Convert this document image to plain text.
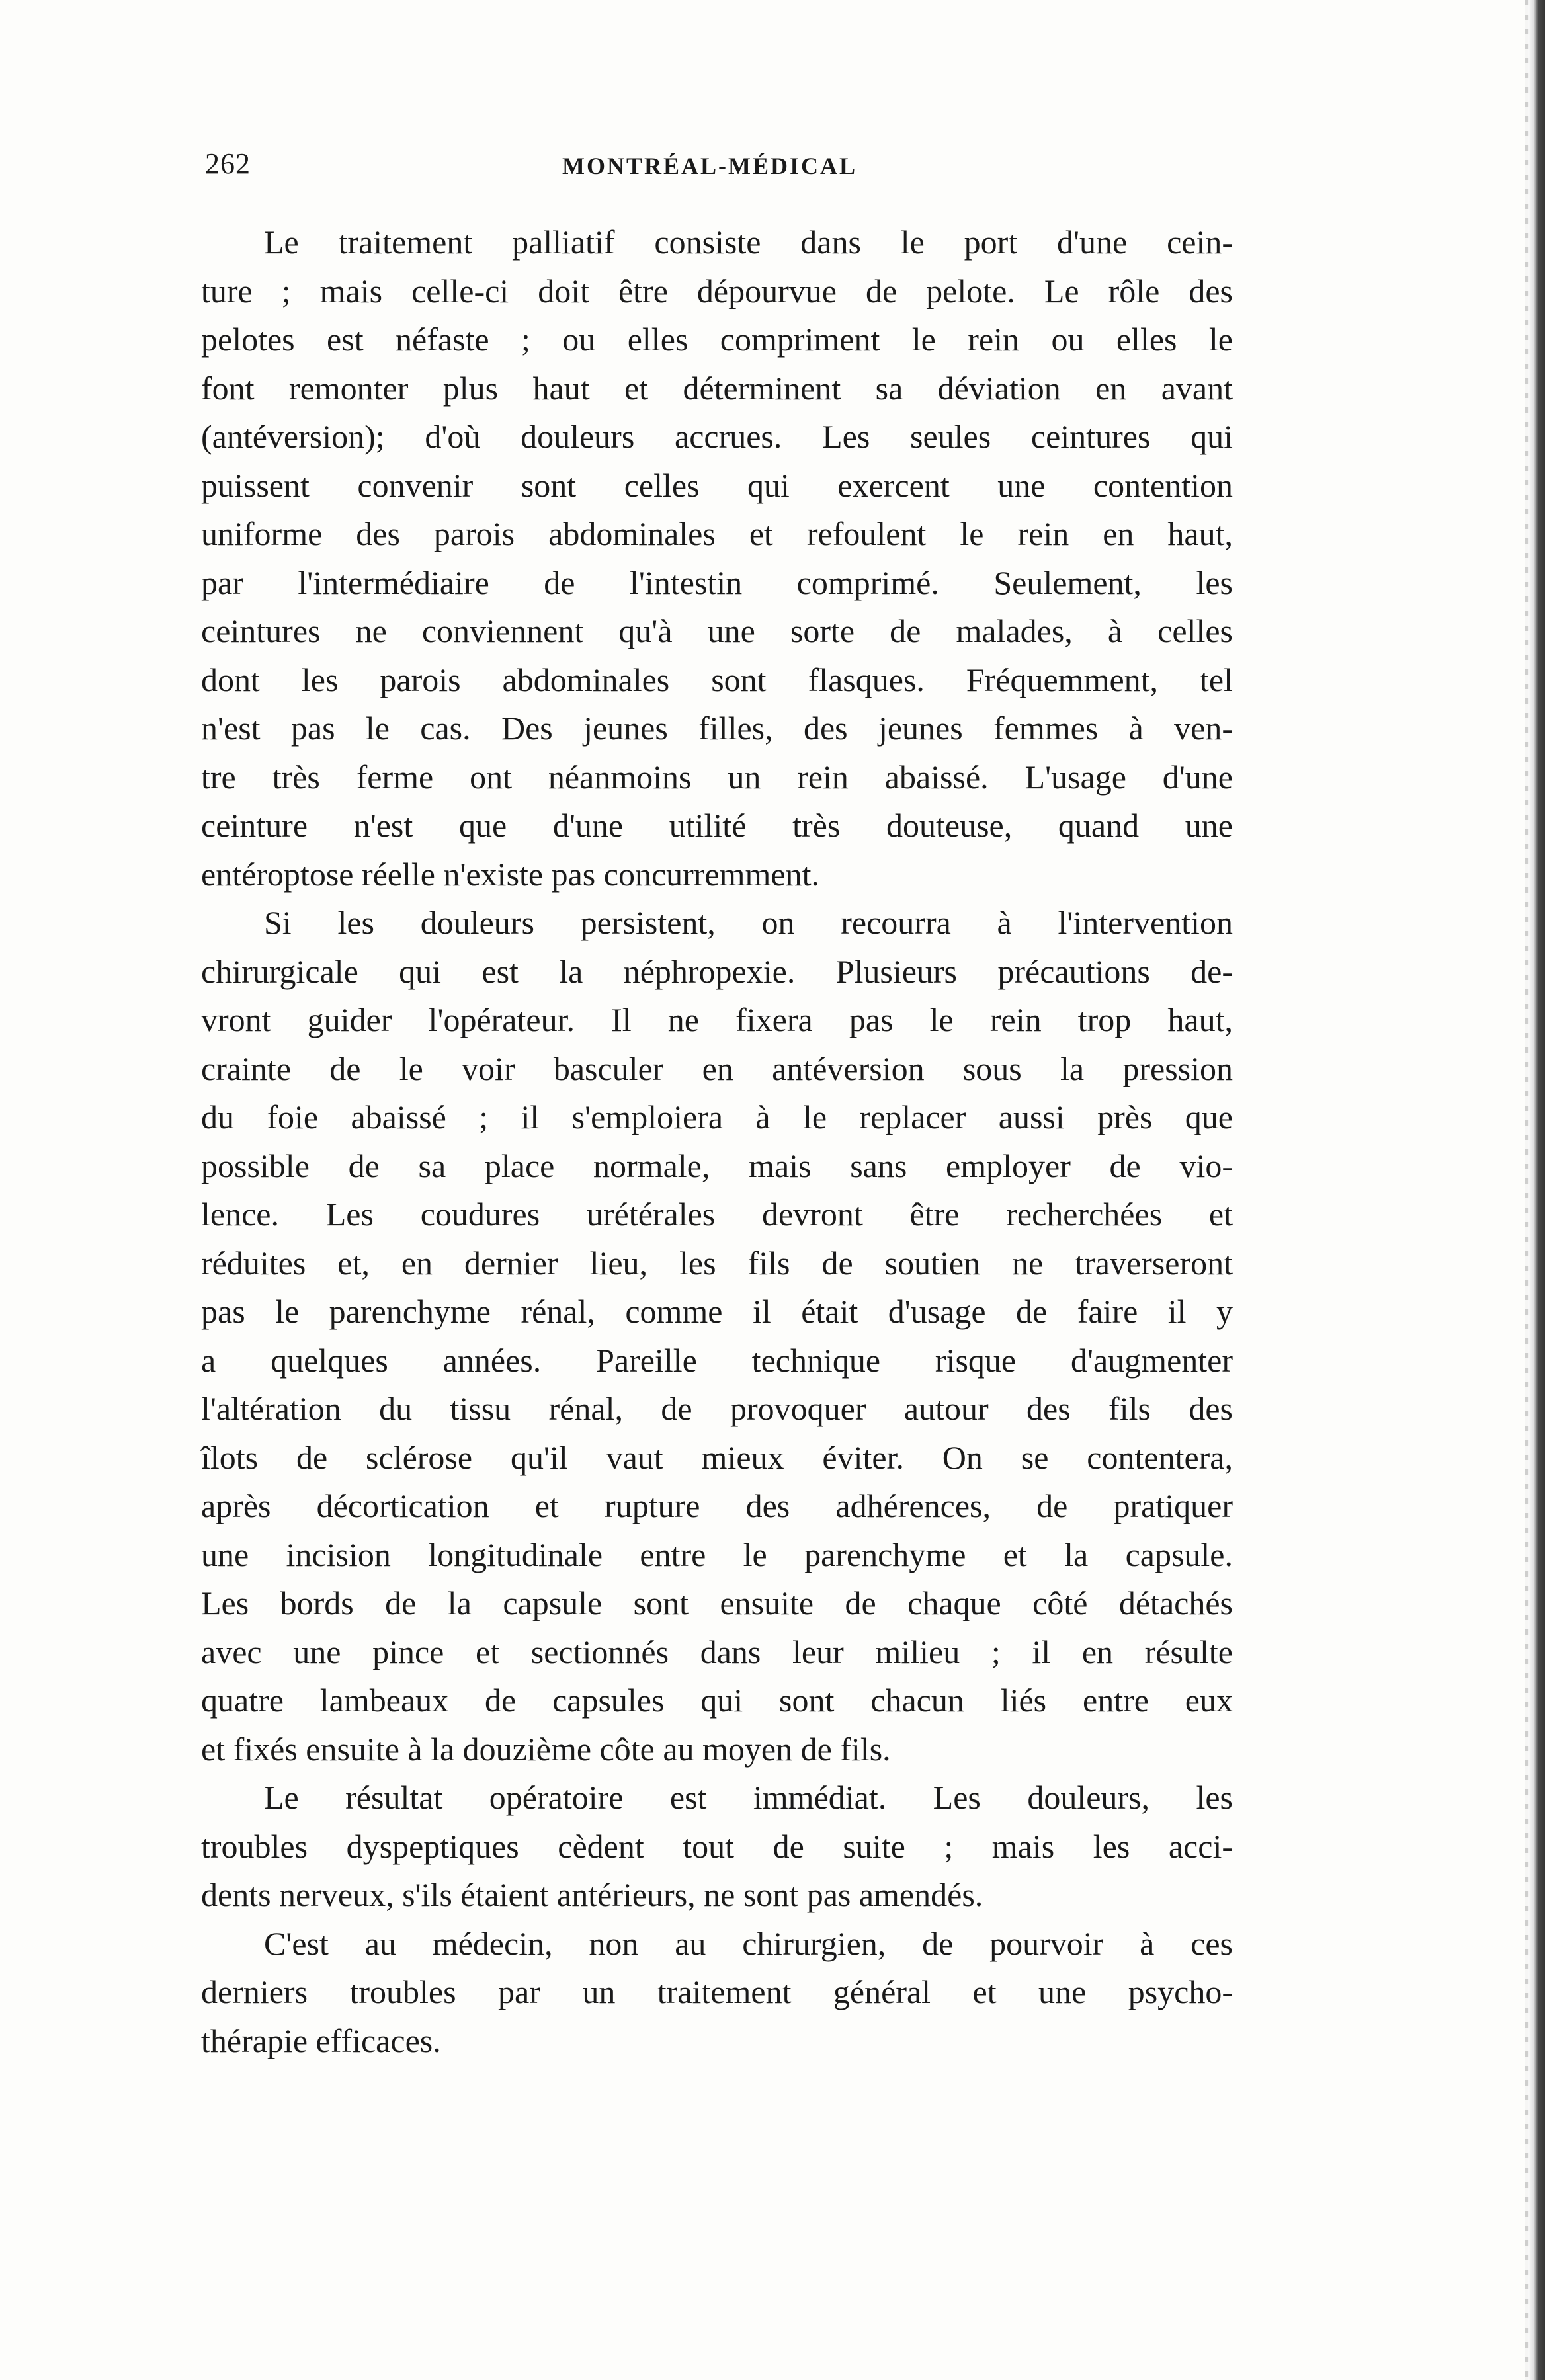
262	MONTRÉAL-MÉDICAL
Le traitement palliatif consiste dans le port d'une cein-
ture ; mais celle-ci doit être dépourvue de pelote. Le rôle des
pelotes est néfaste ; ou elles compriment le rein ou elles le
font remonter plus haut et déterminent sa déviation en avant
(antéversion); d'où douleurs accrues. Les seules ceintures qui
puissent convenir sont celles qui exercent une contention
uniforme des parois abdominales et refoulent le rein en haut,
par l'intermédiaire de l'intestin comprimé. Seulement, les
ceintures ne conviennent qu'à une sorte de malades, à celles
dont les parois abdominales sont flasques. Fréquemment, tel
n'est pas le cas. Des jeunes filles, des jeunes femmes à ven-
tre très ferme ont néanmoins un rein abaissé. L'usage d'une
ceinture n'est que d'une utilité très douteuse, quand une
entéroptose réelle n'existe pas concurremment.
Si les douleurs persistent, on recourra à l'intervention
chirurgicale qui est la néphropexie. Plusieurs précautions de-
vront guider l'opérateur. Il ne fixera pas le rein trop haut,
crainte de le voir basculer en antéversion sous la pression
du foie abaissé ; il s'emploiera à le replacer aussi près que
possible de sa place normale, mais sans employer de vio-
lence. Les coudures urétérales devront être recherchées et
réduites et, en dernier lieu, les fils de soutien ne traverseront
pas le parenchyme rénal, comme il était d'usage de faire il y
a quelques années. Pareille technique risque d'augmenter
l'altération du tissu rénal, de provoquer autour des fils des
îlots de sclérose qu'il vaut mieux éviter. On se contentera,
après décortication et rupture des adhérences, de pratiquer
une incision longitudinale entre le parenchyme et la capsule.
Les bords de la capsule sont ensuite de chaque côté détachés
avec une pince et sectionnés dans leur milieu ; il en résulte
quatre lambeaux de capsules qui sont chacun liés entre eux
et fixés ensuite à la douzième côte au moyen de fils.
Le résultat opératoire est immédiat. Les douleurs, les
troubles dyspeptiques cèdent tout de suite ; mais les acci-
dents nerveux, s'ils étaient antérieurs, ne sont pas amendés.
C'est au médecin, non au chirurgien, de pourvoir à ces
derniers troubles par un traitement général et une psycho-
thérapie efficaces.
